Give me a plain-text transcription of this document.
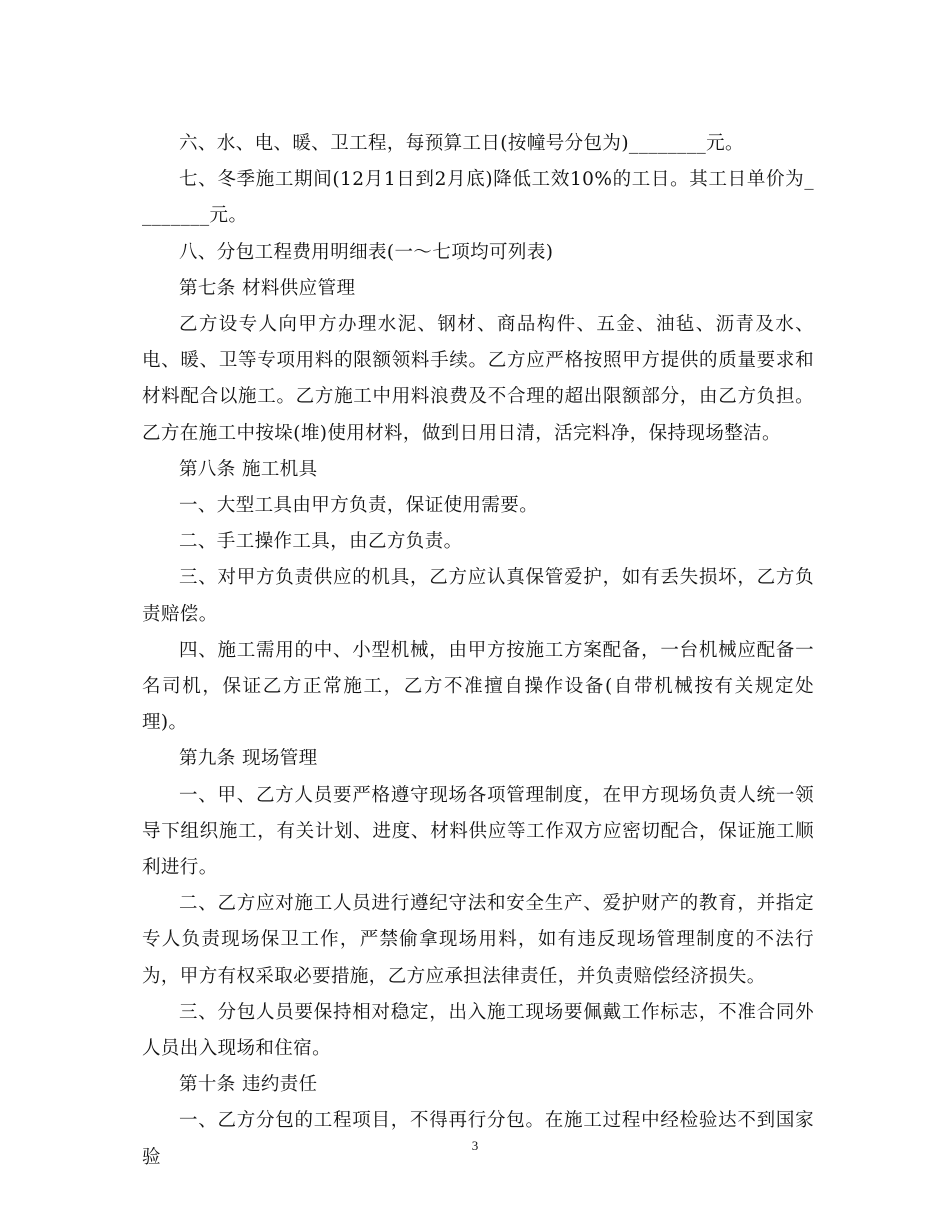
六、水、电、暖、卫工程，每预算工日(按幢号分包为)________元。

七、冬季施工期间(12月1日到2月底)降低工效10%的工日。其工日单价为________元。

八、分包工程费用明细表(一～七项均可列表)

第七条 材料供应管理

乙方设专人向甲方办理水泥、钢材、商品构件、五金、油毡、沥青及水、电、暖、卫等专项用料的限额领料手续。乙方应严格按照甲方提供的质量要求和材料配合以施工。乙方施工中用料浪费及不合理的超出限额部分，由乙方负担。乙方在施工中按垛(堆)使用材料，做到日用日清，活完料净，保持现场整洁。

第八条 施工机具

一、大型工具由甲方负责，保证使用需要。

二、手工操作工具，由乙方负责。

三、对甲方负责供应的机具，乙方应认真保管爱护，如有丢失损坏，乙方负责赔偿。

四、施工需用的中、小型机械，由甲方按施工方案配备，一台机械应配备一名司机，保证乙方正常施工，乙方不准擅自操作设备(自带机械按有关规定处理)。

第九条 现场管理

一、甲、乙方人员要严格遵守现场各项管理制度，在甲方现场负责人统一领导下组织施工，有关计划、进度、材料供应等工作双方应密切配合，保证施工顺利进行。

二、乙方应对施工人员进行遵纪守法和安全生产、爱护财产的教育，并指定专人负责现场保卫工作，严禁偷拿现场用料，如有违反现场管理制度的不法行为，甲方有权采取必要措施，乙方应承担法律责任，并负责赔偿经济损失。

三、分包人员要保持相对稳定，出入施工现场要佩戴工作标志，不准合同外人员出入现场和住宿。

第十条 违约责任

一、乙方分包的工程项目，不得再行分包。在施工过程中经检验达不到国家验

3
